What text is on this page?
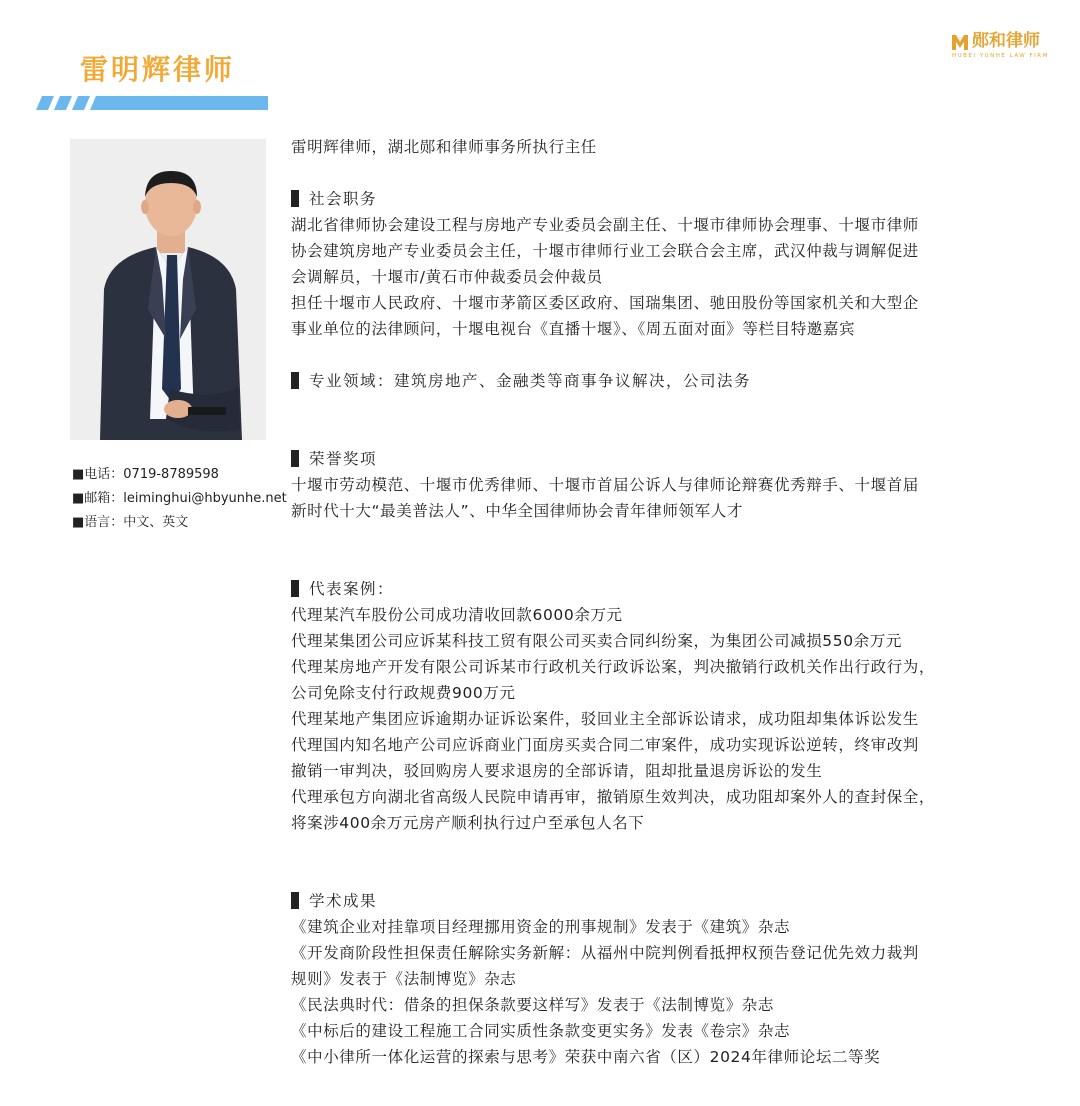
雷明辉律师
郧和律师
HUBEI YUNHE LAW FIRM
■电话：0719-8789598
■邮箱：leiminghui@hbyunhe.net
■语言：中文、英文
雷明辉律师，湖北郧和律师事务所执行主任
社会职务
湖北省律师协会建设工程与房地产专业委员会副主任、十堰市律师协会理事、十堰市律师
协会建筑房地产专业委员会主任，十堰市律师行业工会联合会主席，武汉仲裁与调解促进
会调解员，十堰市/黄石市仲裁委员会仲裁员
担任十堰市人民政府、十堰市茅箭区委区政府、国瑞集团、驰田股份等国家机关和大型企
事业单位的法律顾问，十堰电视台《直播十堰》、《周五面对面》等栏目特邀嘉宾
专业领域：建筑房地产、金融类等商事争议解决，公司法务
荣誉奖项
十堰市劳动模范、十堰市优秀律师、十堰市首届公诉人与律师论辩赛优秀辩手、十堰首届
新时代十大“最美普法人”、中华全国律师协会青年律师领军人才
代表案例：
代理某汽车股份公司成功清收回款6000余万元
代理某集团公司应诉某科技工贸有限公司买卖合同纠纷案，为集团公司减损550余万元
代理某房地产开发有限公司诉某市行政机关行政诉讼案，判决撤销行政机关作出行政行为，
公司免除支付行政规费900万元
代理某地产集团应诉逾期办证诉讼案件，驳回业主全部诉讼请求，成功阻却集体诉讼发生
代理国内知名地产公司应诉商业门面房买卖合同二审案件，成功实现诉讼逆转，终审改判
撤销一审判决，驳回购房人要求退房的全部诉请，阻却批量退房诉讼的发生
代理承包方向湖北省高级人民院申请再审，撤销原生效判决，成功阻却案外人的查封保全，
将案涉400余万元房产顺利执行过户至承包人名下
学术成果
《建筑企业对挂靠项目经理挪用资金的刑事规制》发表于《建筑》杂志
《开发商阶段性担保责任解除实务新解：从福州中院判例看抵押权预告登记优先效力裁判
规则》发表于《法制博览》杂志
《民法典时代：借条的担保条款要这样写》发表于《法制博览》杂志
《中标后的建设工程施工合同实质性条款变更实务》发表《卷宗》杂志
《中小律所一体化运营的探索与思考》荣获中南六省（区）2024年律师论坛二等奖
